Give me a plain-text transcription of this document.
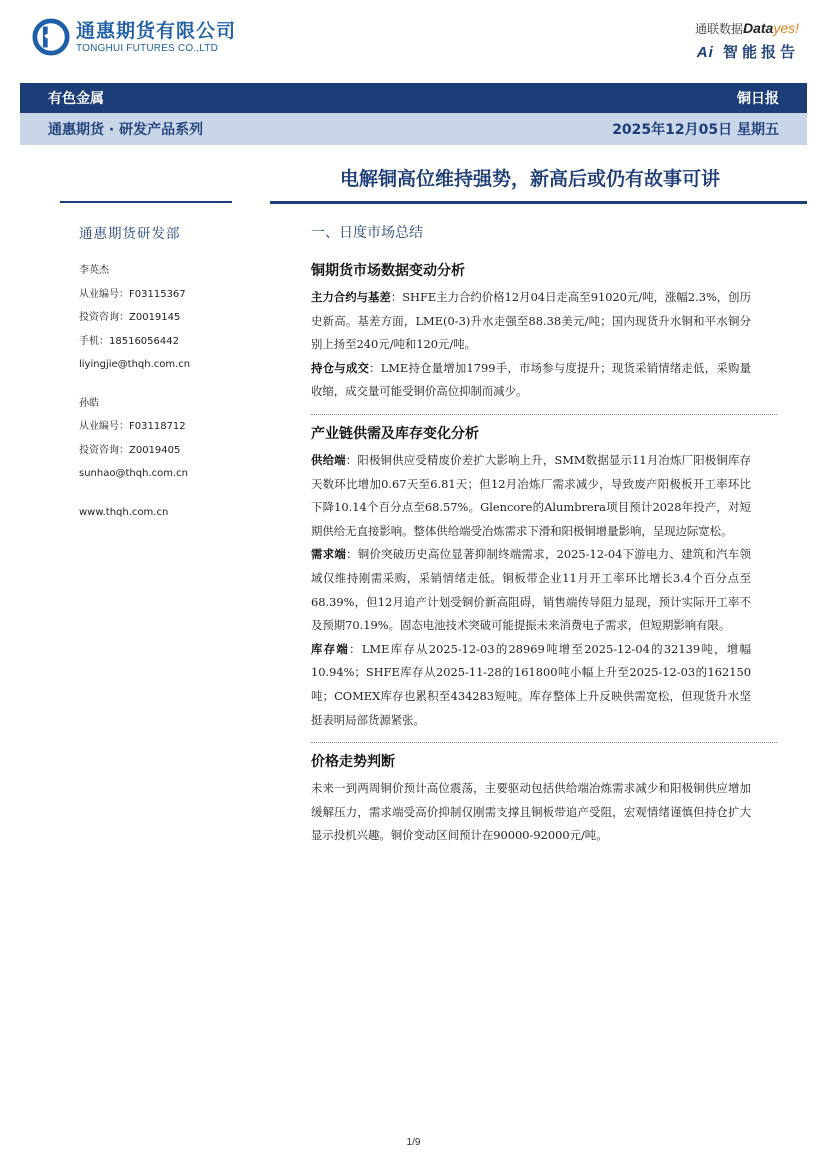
通惠期货有限公司
TONGHUI FUTURES CO.,LTD
通联数据Datayes!
Ai 智能报告
有色金属	铜日报
通惠期货 · 研发产品系列	2025年12月05日 星期五
电解铜高位维持强势，新高后或仍有故事可讲
通惠期货研发部
李英杰
从业编号：F03115367
投资咨询：Z0019145
手机：18516056442
liyingjie@thqh.com.cn
孙皓
从业编号：F03118712
投资咨询：Z0019405
sunhao@thqh.com.cn
www.thqh.com.cn
一、日度市场总结
铜期货市场数据变动分析

主力合约与基差：SHFE主力合约价格12月04日走高至91020元/吨，涨幅2.3%，创历史新高。基差方面，LME(0-3)升水走强至88.38美元/吨；国内现货升水铜和平水铜分别上扬至240元/吨和120元/吨。

持仓与成交：LME持仓量增加1799手，市场参与度提升；现货采销情绪走低，采购量收缩，成交量可能受铜价高位抑制而减少。

产业链供需及库存变化分析

供给端：阳极铜供应受精废价差扩大影响上升，SMM数据显示11月冶炼厂阳极铜库存天数环比增加0.67天至6.81天；但12月冶炼厂需求减少，导致废产阳极板开工率环比下降10.14个百分点至68.57%。Glencore的Alumbrera项目预计2028年投产，对短期供给无直接影响。整体供给端受冶炼需求下滑和阳极铜增量影响，呈现边际宽松。

需求端：铜价突破历史高位显著抑制终端需求，2025-12-04下游电力、建筑和汽车领域仅维持刚需采购，采销情绪走低。铜板带企业11月开工率环比增长3.4个百分点至68.39%，但12月追产计划受铜价新高阻碍，销售端传导阻力显现，预计实际开工率不及预期70.19%。固态电池技术突破可能提振未来消费电子需求，但短期影响有限。

库存端：LME库存从2025-12-03的28969吨增至2025-12-04的32139吨，增幅10.94%；SHFE库存从2025-11-28的161800吨小幅上升至2025-12-03的162150吨；COMEX库存也累积至434283短吨。库存整体上升反映供需宽松，但现货升水坚挺表明局部货源紧张。

价格走势判断

未来一到两周铜价预计高位震荡，主要驱动包括供给端冶炼需求减少和阳极铜供应增加缓解压力，需求端受高价抑制仅刚需支撑且铜板带追产受阻，宏观情绪谨慎但持仓扩大显示投机兴趣。铜价变动区间预计在90000-92000元/吨。

1/9
